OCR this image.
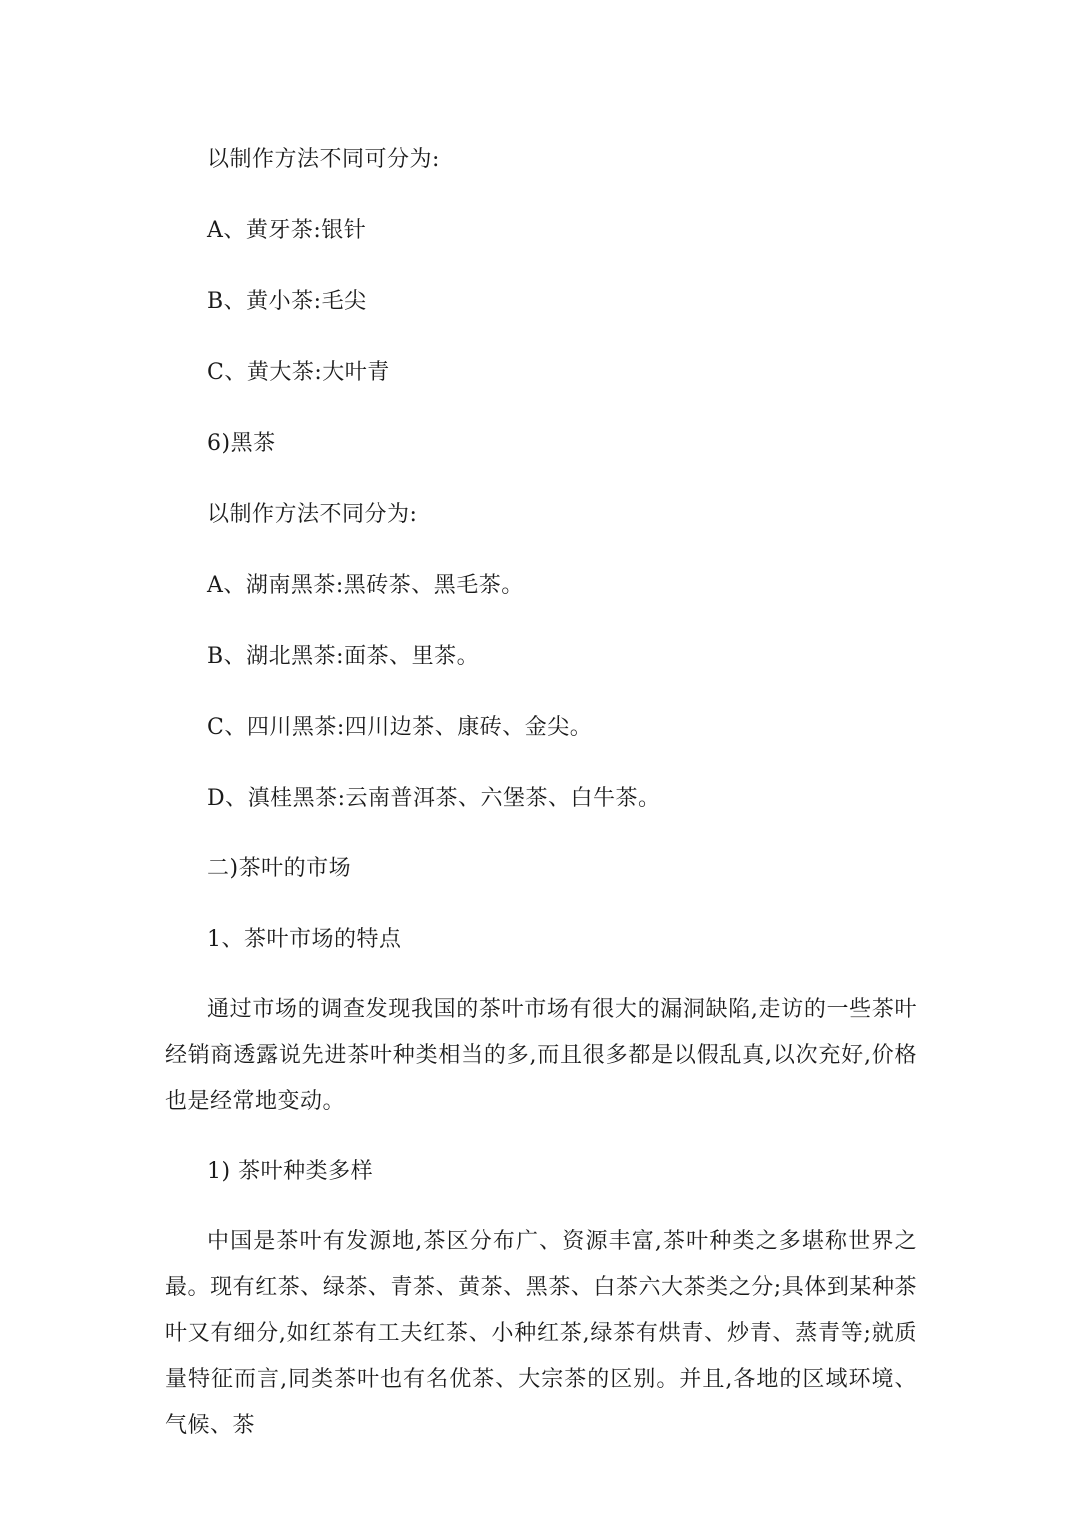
以制作方法不同可分为:
A、黄牙茶:银针
B、黄小茶:毛尖
C、黄大茶:大叶青
6)黑茶
以制作方法不同分为:
A、湖南黑茶:黑砖茶、黑毛茶。
B、湖北黑茶:面茶、里茶。
C、四川黑茶:四川边茶、康砖、金尖。
D、滇桂黑茶:云南普洱茶、六堡茶、白牛茶。
二)茶叶的市场
1、茶叶市场的特点
通过市场的调查发现我国的茶叶市场有很大的漏洞缺陷,走访的一些茶叶经销商透露说先进茶叶种类相当的多,而且很多都是以假乱真,以次充好,价格也是经常地变动。
1) 茶叶种类多样
中国是茶叶有发源地,茶区分布广、资源丰富,茶叶种类之多堪称世界之最。现有红茶、绿茶、青茶、黄茶、黑茶、白茶六大茶类之分;具体到某种茶叶又有细分,如红茶有工夫红茶、小种红茶,绿茶有烘青、炒青、蒸青等;就质量特征而言,同类茶叶也有名优茶、大宗茶的区别。并且,各地的区域环境、气候、茶
